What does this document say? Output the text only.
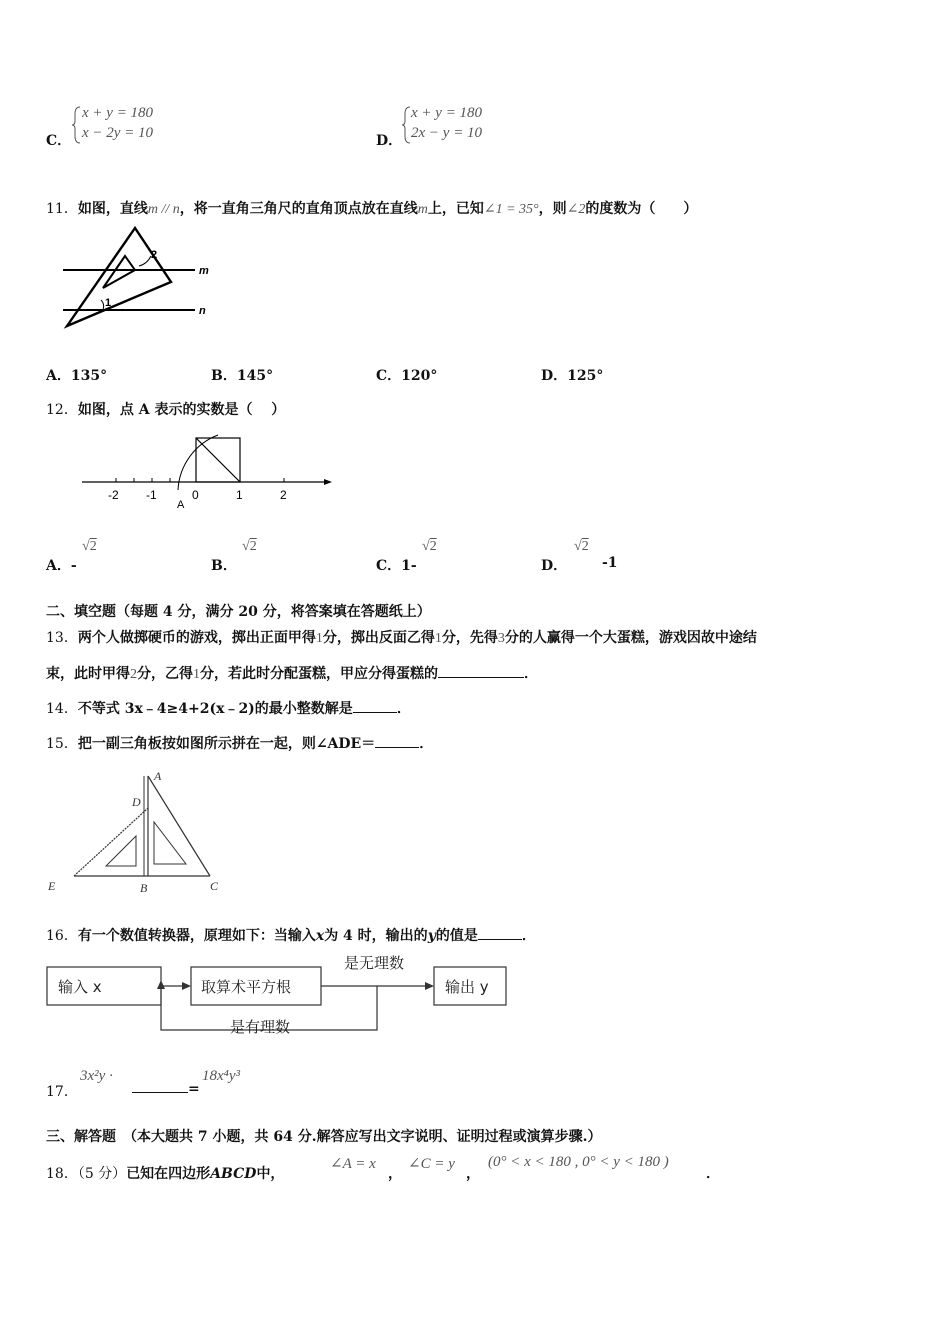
C．
x + y = 180
x − 2y = 10	D．
x + y = 180
2x − y = 10
11．如图，直线m // n，将一直角三角尺的直角顶点放在直线m上，已知∠1 = 35°，则∠2的度数为（　　）
2
1
m
n
A．135°	B．145°	C．120°	D．125°
12．如图，点 A 表示的实数是（　 ）
-2 -1	0	1	2
A
A．-
√2
B．
√2
C．1-
√2
D．
√2
-1
二、填空题（每题 4 分，满分 20 分，将答案填在答题纸上）
13．两个人做掷硬币的游戏，掷出正面甲得1分，掷出反面乙得1分，先得3分的人赢得一个大蛋糕，游戏因故中途结
束，此时甲得2分，乙得1分，若此时分配蛋糕，甲应分得蛋糕的	．
14．不等式 3x﹣4≥4+2(x﹣2)的最小整数解是	．
15．把一副三角板按如图所示拼在一起，则∠ADE＝	．
A
D
E	B	C
16．有一个数值转换器，原理如下：当输入x为 4 时，输出的y的值是	．
输入 x	取算术平方根	输出 y
是无理数
是有理数
17．
3x²y ·
=
18x⁴y³
三、解答题　（本大题共 7 小题，共 64 分.解答应写出文字说明、证明过程或演算步骤.）
18．（5 分）已知在四边形ABCD中，
∠A = x
，
∠C = y
，
(0° < x < 180 , 0° < y < 180 )
．
